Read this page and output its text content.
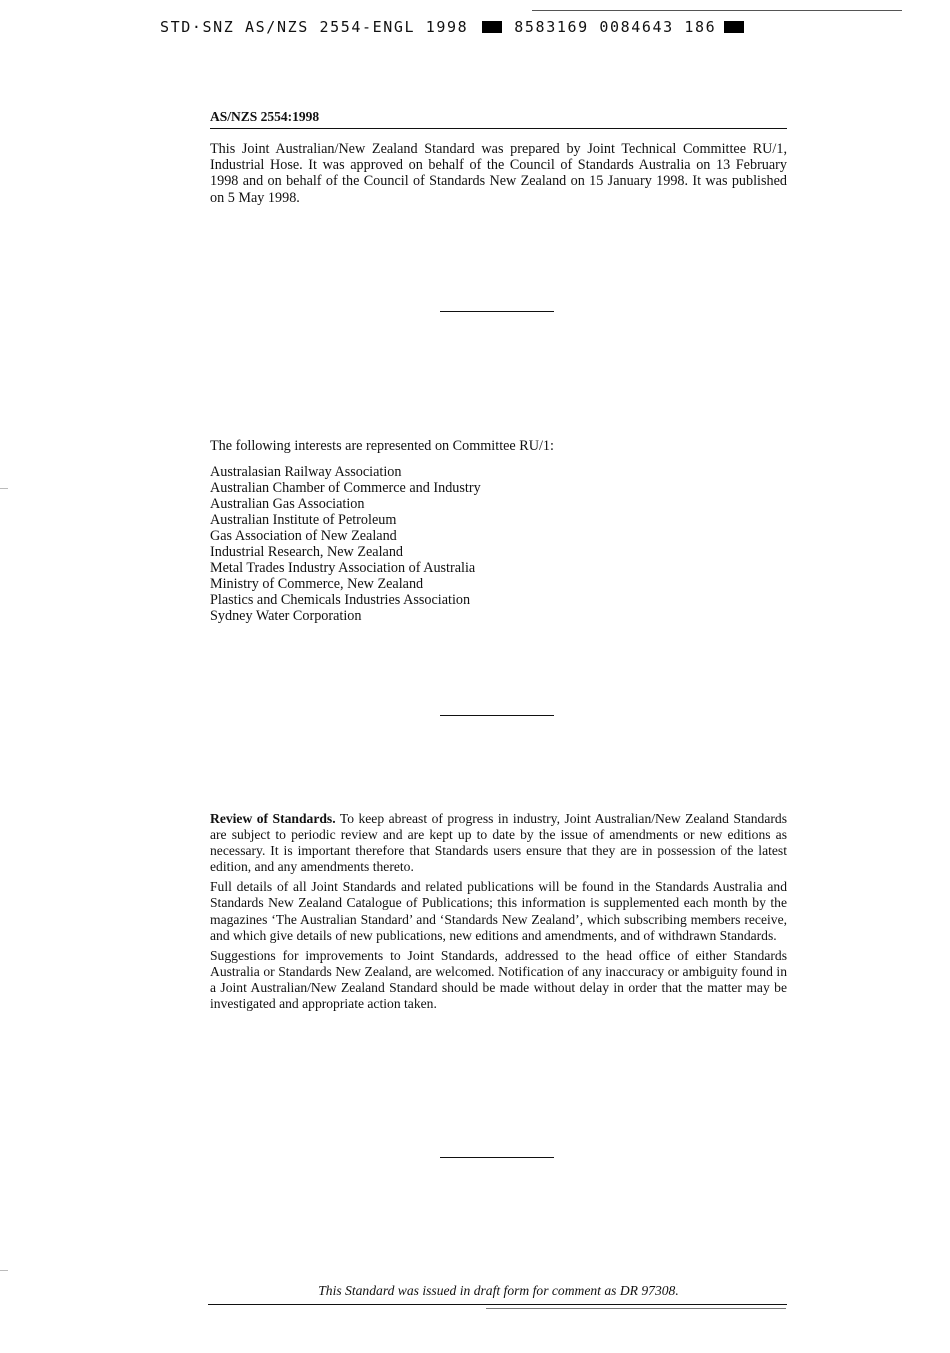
STD·SNZ AS/NZS 2554-ENGL 1998	8583169 0084643 186
AS/NZS 2554:1998
This Joint Australian/New Zealand Standard was prepared by Joint Technical Committee RU/1, Industrial Hose. It was approved on behalf of the Council of Standards Australia on 13 February 1998 and on behalf of the Council of Standards New Zealand on 15 January 1998. It was published on 5 May 1998.

The following interests are represented on Committee RU/1:

Australasian Railway Association
Australian Chamber of Commerce and Industry
Australian Gas Association
Australian Institute of Petroleum
Gas Association of New Zealand
Industrial Research, New Zealand
Metal Trades Industry Association of Australia
Ministry of Commerce, New Zealand
Plastics and Chemicals Industries Association
Sydney Water Corporation

Review of Standards. To keep abreast of progress in industry, Joint Australian/New Zealand Standards are subject to periodic review and are kept up to date by the issue of amendments or new editions as necessary. It is important therefore that Standards users ensure that they are in possession of the latest edition, and any amendments thereto.

Full details of all Joint Standards and related publications will be found in the Standards Australia and Standards New Zealand Catalogue of Publications; this information is supplemented each month by the magazines ‘The Australian Standard’ and ‘Standards New Zealand’, which subscribing members receive, and which give details of new publications, new editions and amendments, and of withdrawn Standards.

Suggestions for improvements to Joint Standards, addressed to the head office of either Standards Australia or Standards New Zealand, are welcomed. Notification of any inaccuracy or ambiguity found in a Joint Australian/New Zealand Standard should be made without delay in order that the matter may be investigated and appropriate action taken.

This Standard was issued in draft form for comment as DR 97308.
